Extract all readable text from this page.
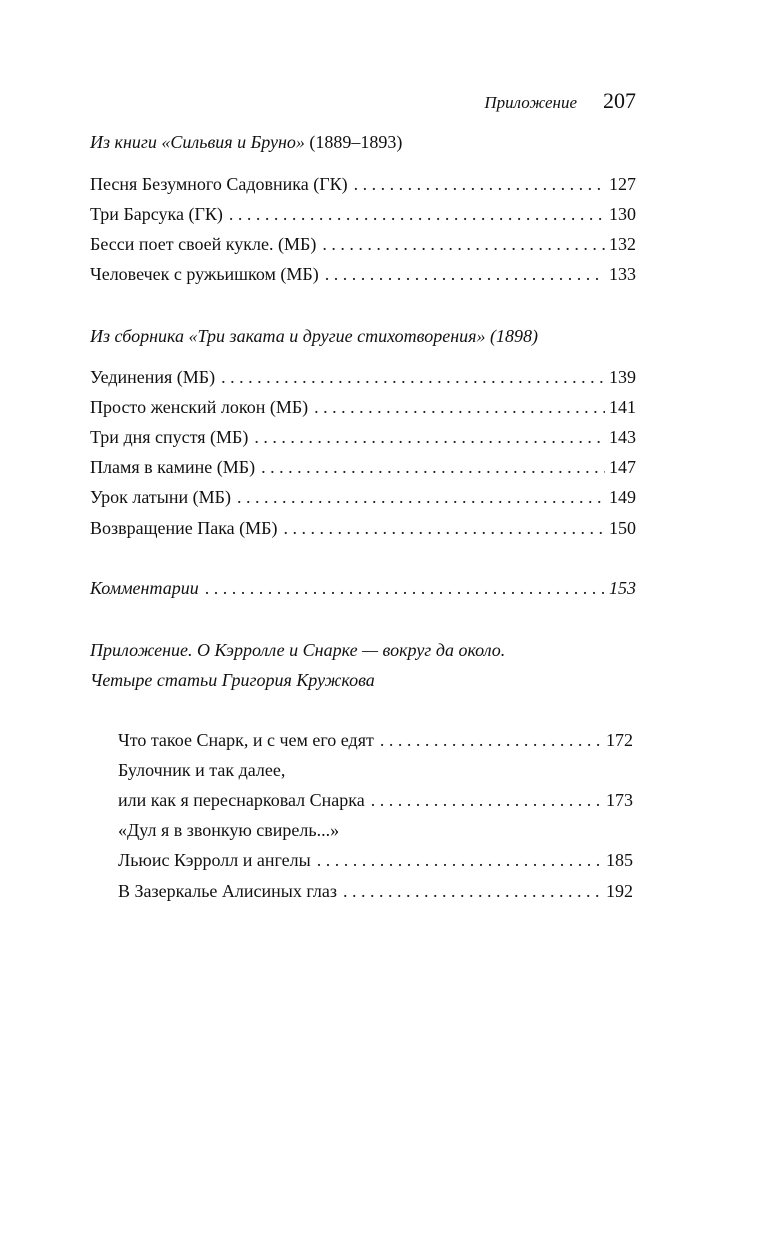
Приложение 207
Из книги «Сильвия и Бруно» (1889–1893)
Песня Безумного Садовника (ГК) . . .	127
Три Барсука (ГК) . . .	130
Бесси поет своей кукле. (МБ) . . .	132
Человечек с ружьишком (МБ) . . .	133
Из сборника «Три заката и другие стихотворения» (1898)
Уединения (МБ) . . .	139
Просто женский локон (МБ) . . .	141
Три дня спустя (МБ) . . .	143
Пламя в камине (МБ) . . .	147
Урок латыни (МБ) . . .	149
Возвращение Пака (МБ) . . .	150
Комментарии . . .	153
Приложение. О Кэрролле и Снарке — вокруг да около.
Четыре статьи Григория Кружкова
Что такое Снарк, и с чем его едят . . .	172
Булочник и так далее,
или как я переснарковал Снарка . . .	173
«Дул я в звонкую свирель...»
Льюис Кэрролл и ангелы . . .	185
В Зазеркалье Алисиных глаз . . .	192
